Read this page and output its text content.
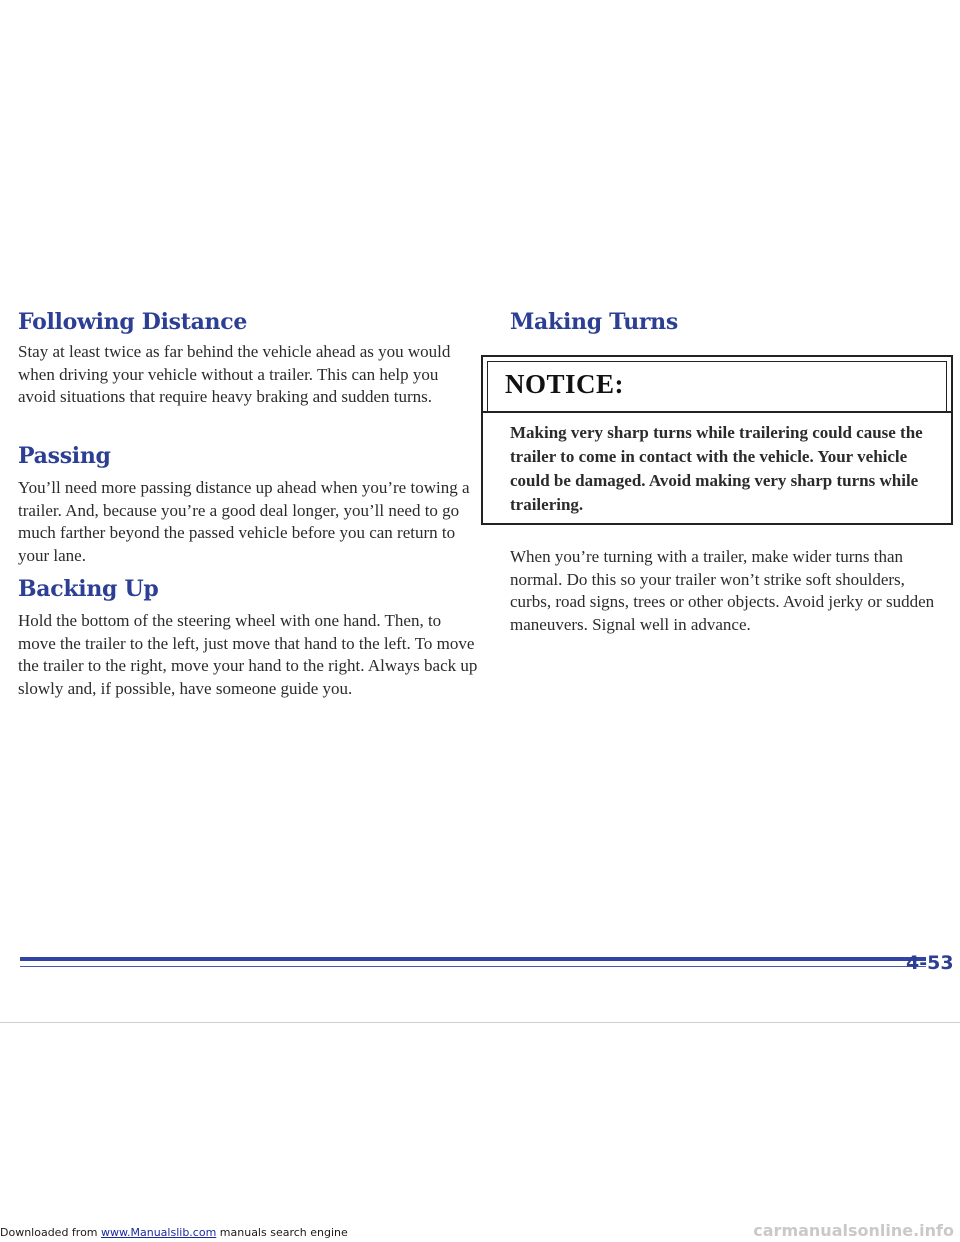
Following Distance

Stay at least twice as far behind the vehicle ahead as you would when driving your vehicle without a trailer. This can help you avoid situations that require heavy braking and sudden turns.

Passing

You’ll need more passing distance up ahead when you’re towing a trailer. And, because you’re a good deal longer, you’ll need to go much farther beyond the passed vehicle before you can return to your lane.

Backing Up

Hold the bottom of the steering wheel with one hand. Then, to move the trailer to the left, just move that hand to the left. To move the trailer to the right, move your hand to the right. Always back up slowly and, if possible, have someone guide you.

Making Turns

NOTICE:

Making very sharp turns while trailering could cause the trailer to come in contact with the vehicle. Your vehicle could be damaged. Avoid making very sharp turns while trailering.

When you’re turning with a trailer, make wider turns than normal. Do this so your trailer won’t strike soft shoulders, curbs, road signs, trees or other objects. Avoid jerky or sudden maneuvers. Signal well in advance.

4-53

Downloaded from www.Manualslib.com manuals search engine	carmanualsonline.info
